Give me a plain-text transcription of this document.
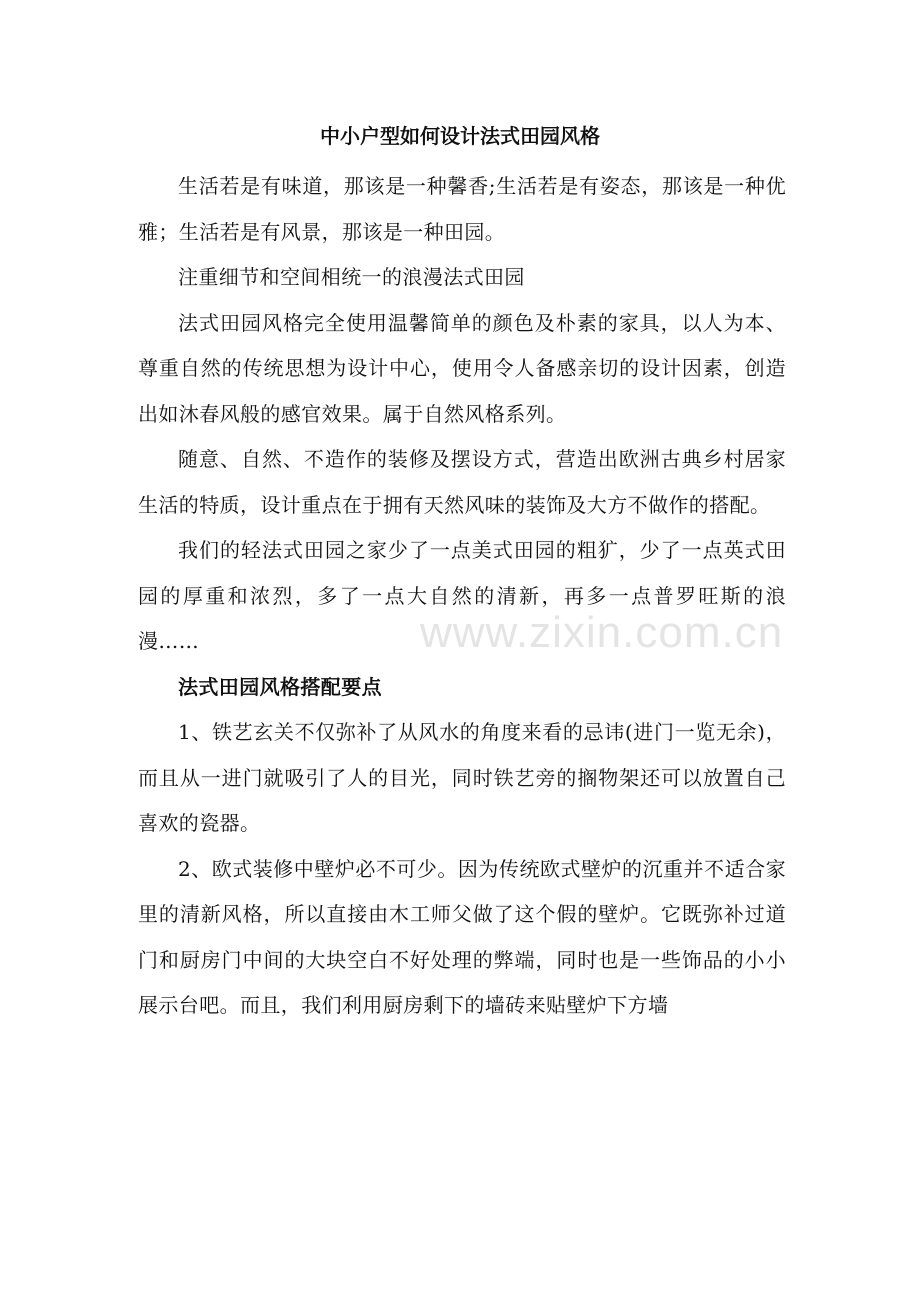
中小户型如何设计法式田园风格

生活若是有味道，那该是一种馨香;生活若是有姿态，那该是一种优雅；生活若是有风景，那该是一种田园。

注重细节和空间相统一的浪漫法式田园

法式田园风格完全使用温馨简单的颜色及朴素的家具，以人为本、尊重自然的传统思想为设计中心，使用令人备感亲切的设计因素，创造出如沐春风般的感官效果。属于自然风格系列。

随意、自然、不造作的装修及摆设方式，营造出欧洲古典乡村居家生活的特质，设计重点在于拥有天然风味的装饰及大方不做作的搭配。

我们的轻法式田园之家少了一点美式田园的粗犷，少了一点英式田园的厚重和浓烈，多了一点大自然的清新，再多一点普罗旺斯的浪漫……

法式田园风格搭配要点

1、铁艺玄关不仅弥补了从风水的角度来看的忌讳(进门一览无余)，而且从一进门就吸引了人的目光，同时铁艺旁的搁物架还可以放置自己喜欢的瓷器。

2、欧式装修中壁炉必不可少。因为传统欧式壁炉的沉重并不适合家里的清新风格，所以直接由木工师父做了这个假的壁炉。它既弥补过道门和厨房门中间的大块空白不好处理的弊端，同时也是一些饰品的小小展示台吧。而且，我们利用厨房剩下的墙砖来贴壁炉下方墙

www.zixin.com.cn
